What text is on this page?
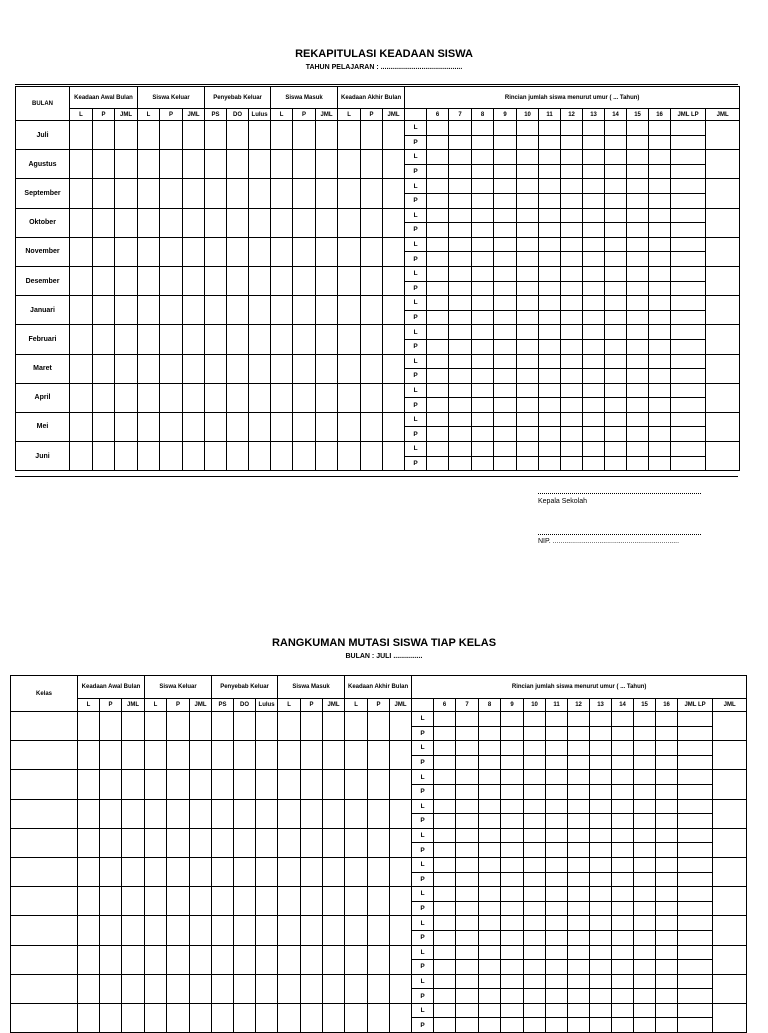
REKAPITULASI KEADAAN SISWA
TAHUN PELAJARAN : ..........................................
BULAN	Keadaan Awal Bulan			Siswa Keluar			Penyebab Keluar			Siswa Masuk			Keadaan Akhir Bulan			Rincian jumlah siswa menurut umur ( ... Tahun)													
	L	P	JML	L	P	JML	PS	DO	Lulus	L	P	JML	L	P	JML		6	7	8	9	10	11	12	13	14	15	16	JML LP	JML
Juli																L													
																P													
Agustus																L													
																P													
September																L													
																P													
Oktober																L													
																P													
November																L													
																P													
Desember																L													
																P													
Januari																L													
																P													
Februari																L													
																P													
Maret																L													
																P													
April																L													
																P													
Mei																L													
																P													
Juni																L													
																P													
Kepala Sekolah
NIP. .................................................................
RANGKUMAN MUTASI SISWA TIAP KELAS
BULAN : JULI ...............
Kelas	Keadaan Awal Bulan			Siswa Keluar			Penyebab Keluar			Siswa Masuk			Keadaan Akhir Bulan			Rincian jumlah siswa menurut umur ( ... Tahun)													
	L	P	JML	L	P	JML	PS	DO	Lulus	L	P	JML	L	P	JML		6	7	8	9	10	11	12	13	14	15	16	JML LP	JML
																L													
																P													
																L													
																P													
																L													
																P													
																L													
																P													
																L													
																P													
																L													
																P													
																L													
																P													
																L													
																P													
																L													
																P													
																L													
																P													
																L													
																P													
